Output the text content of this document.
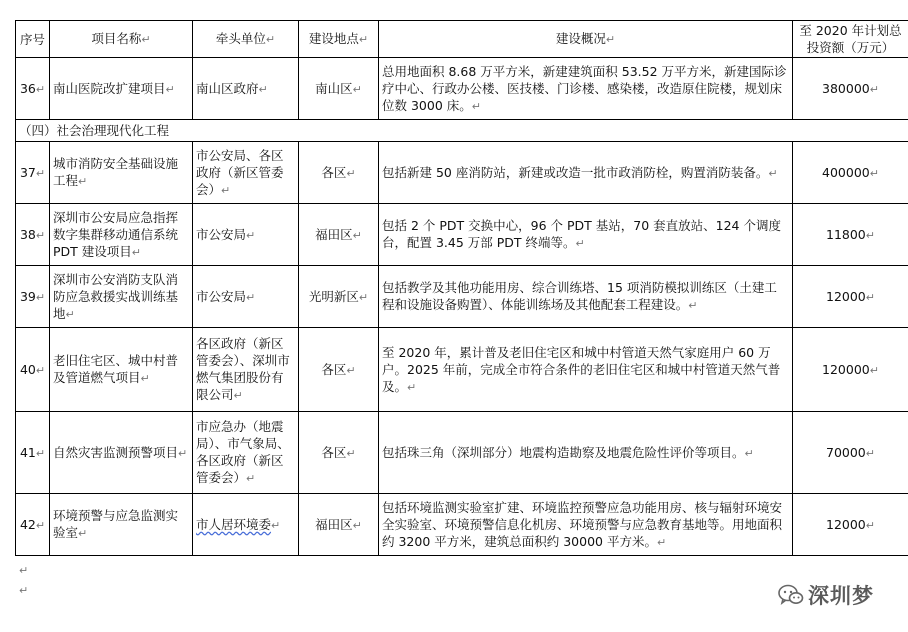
序号	项目名称↵	牵头单位↵	建设地点↵	建设概况↵	至 2020 年计划总投资额（万元）
36↵	南山医院改扩建项目↵	南山区政府↵	南山区↵	总用地面积 8.68 万平方米，新建建筑面积 53.52 万平方米，新建国际诊疗中心、行政办公楼、医技楼、门诊楼、感染楼，改造原住院楼，规划床位数 3000 床。↵	380000↵
（四）社会治理现代化工程					
37↵	城市消防安全基础设施工程↵	市公安局、各区政府（新区管委会）↵	各区↵	包括新建 50 座消防站，新建或改造一批市政消防栓，购置消防装备。↵	400000↵
38↵	深圳市公安局应急指挥数字集群移动通信系统 PDT 建设项目↵	市公安局↵	福田区↵	包括 2 个 PDT 交换中心，96 个 PDT 基站，70 套直放站、124 个调度台，配置 3.45 万部 PDT 终端等。↵	11800↵
39↵	深圳市公安消防支队消防应急救援实战训练基地↵	市公安局↵	光明新区↵	包括教学及其他功能用房、综合训练塔、15 项消防模拟训练区（土建工程和设施设备购置）、体能训练场及其他配套工程建设。↵	12000↵
40↵	老旧住宅区、城中村普及管道燃气项目↵	各区政府（新区管委会）、深圳市燃气集团股份有限公司↵	各区↵	至 2020 年，累计普及老旧住宅区和城中村管道天然气家庭用户 60 万户。2025 年前，完成全市符合条件的老旧住宅区和城中村管道天然气普及。↵	120000↵
41↵	自然灾害监测预警项目↵	市应急办（地震局）、市气象局、各区政府（新区管委会）↵	各区↵	包括珠三角（深圳部分）地震构造勘察及地震危险性评价等项目。↵	70000↵
42↵	环境预警与应急监测实验室↵	市人居环境委↵	福田区↵	包括环境监测实验室扩建、环境监控预警应急功能用房、核与辐射环境安全实验室、环境预警信息化机房、环境预警与应急教育基地等。用地面积约 3200 平方米，建筑总面积约 30000 平方米。↵	12000↵
↵
↵	深圳梦
